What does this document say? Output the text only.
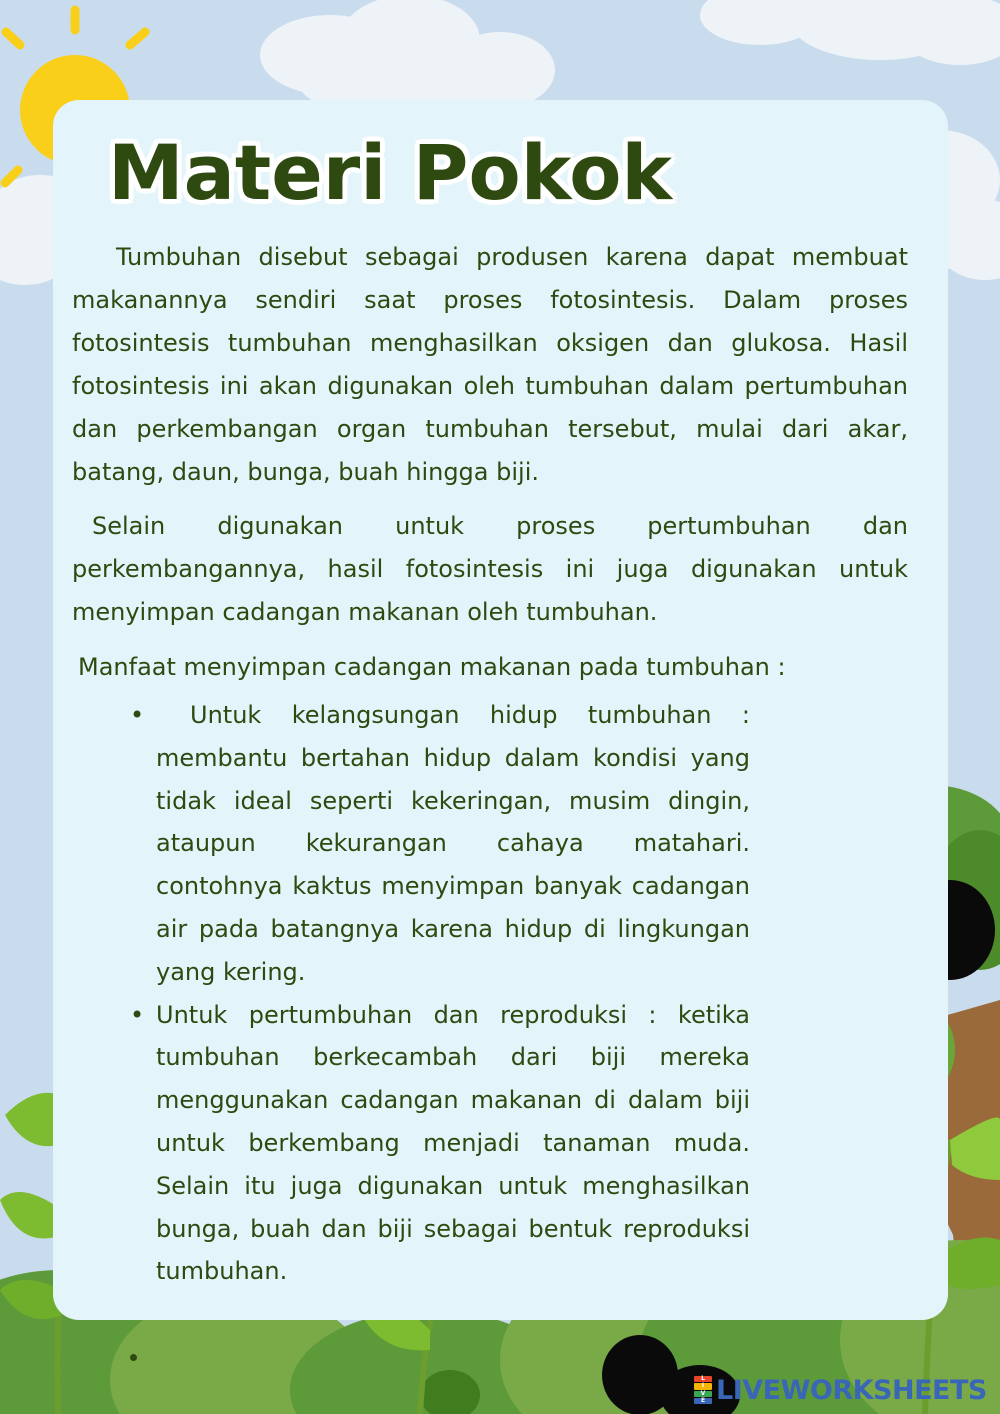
Materi Pokok

Tumbuhan disebut sebagai produsen karena dapat membuat makanannya sendiri saat proses fotosintesis. Dalam proses fotosintesis tumbuhan menghasilkan oksigen dan glukosa. Hasil fotosintesis ini akan digunakan oleh tumbuhan dalam pertumbuhan dan perkembangan organ tumbuhan tersebut, mulai dari akar, batang, daun, bunga, buah hingga biji.

Selain digunakan untuk proses pertumbuhan dan perkembangannya, hasil fotosintesis ini juga digunakan untuk menyimpan cadangan makanan oleh tumbuhan.

Manfaat menyimpan cadangan makanan pada tumbuhan :

•	Untuk kelangsungan hidup tumbuhan : membantu bertahan hidup dalam kondisi yang tidak ideal seperti kekeringan, musim dingin, ataupun kekurangan cahaya matahari. contohnya kaktus menyimpan banyak cadangan air pada batangnya karena hidup di lingkungan yang kering.
• Untuk pertumbuhan dan reproduksi : ketika tumbuhan berkecambah dari biji mereka menggunakan cadangan makanan di dalam biji untuk berkembang menjadi tanaman muda. Selain itu juga digunakan untuk menghasilkan bunga, buah dan biji sebagai bentuk reproduksi tumbuhan.
L
I
V
E LIVEWORKSHEETS
